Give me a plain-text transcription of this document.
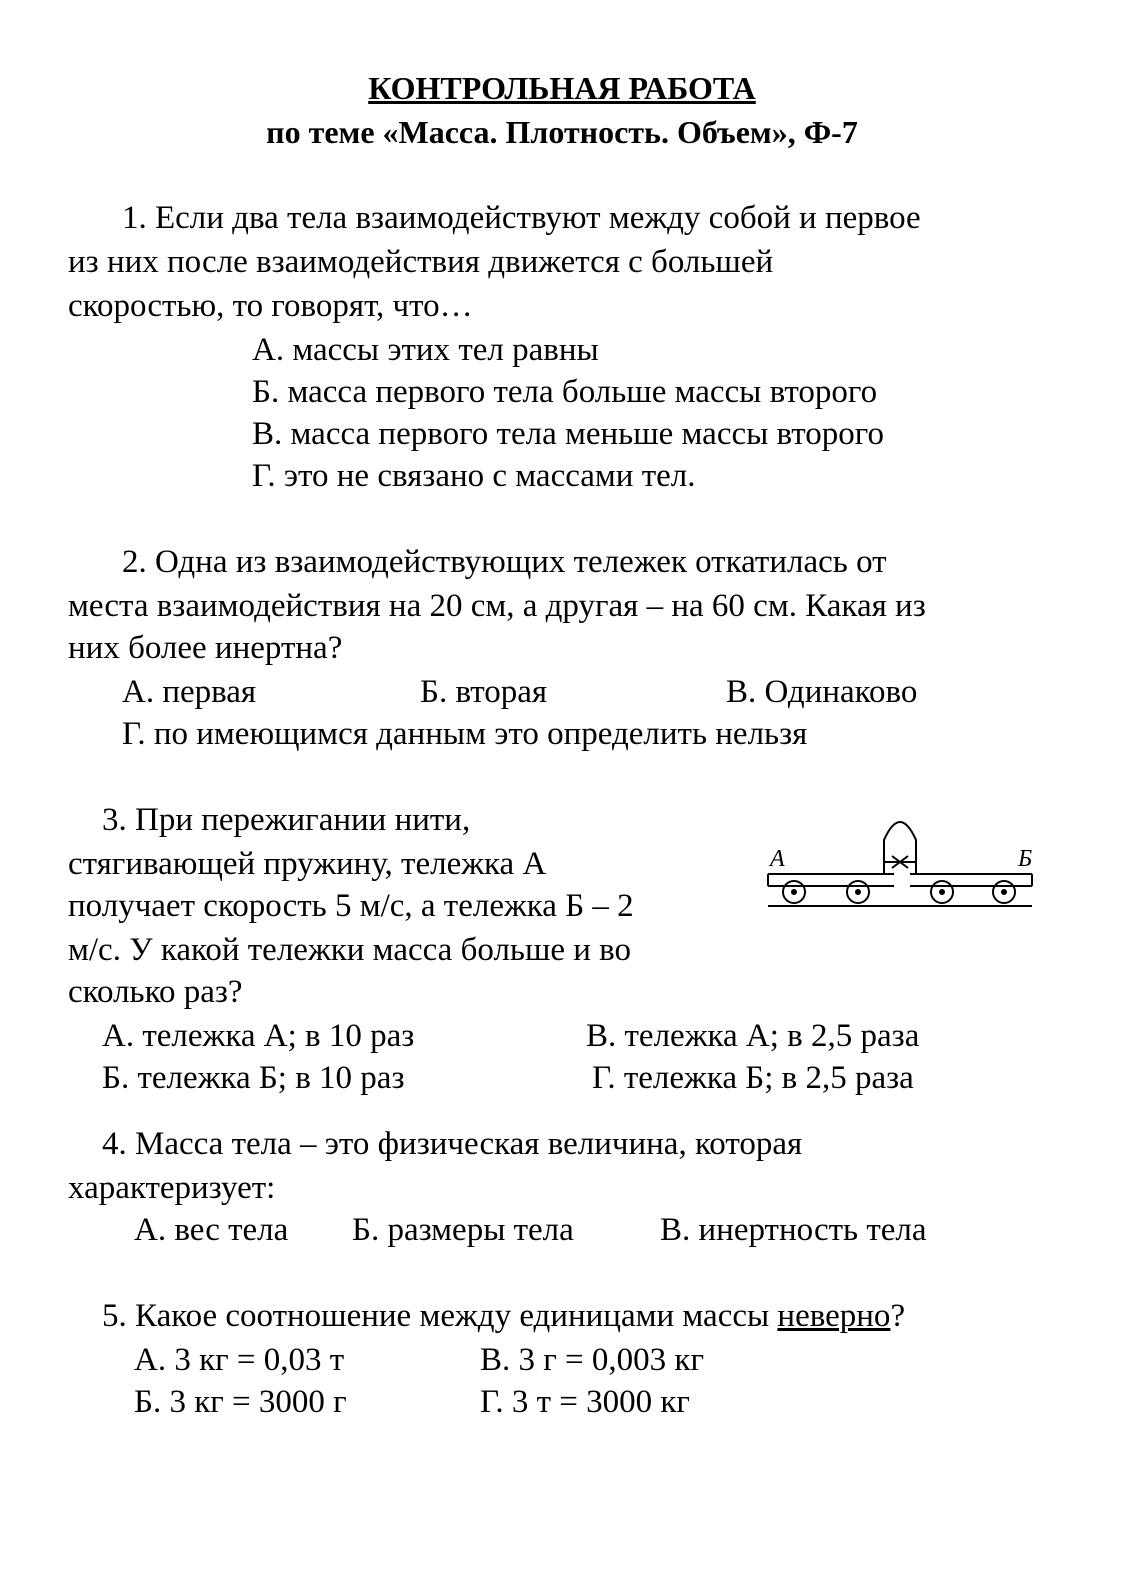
КОНТРОЛЬНАЯ РАБОТА
по теме «Масса. Плотность. Объем», Ф-7
1. Если два тела взаимодействуют между собой и первое
из них после взаимодействия движется с большей
скоростью, то говорят, что…
А. массы этих тел равны
Б. масса первого тела больше массы второго
В. масса первого тела меньше массы второго
Г. это не связано с массами тел.
2. Одна из взаимодействующих тележек откатилась от
места взаимодействия на 20 см, а другая – на 60 см. Какая из
них более инертна?
А. первая	Б. вторая	В. Одинаково
Г. по имеющимся данным это определить нельзя
3. При пережигании нити,
стягивающей пружину, тележка А
получает скорость 5 м/с, а тележка Б – 2
м/с. У какой тележки масса больше и во
сколько раз?
А. тележка А; в 10 раз	В. тележка А; в 2,5 раза
Б. тележка Б; в 10 раз	Г. тележка Б; в 2,5 раза
А	Б
4. Масса тела – это физическая величина, которая
характеризует:
А. вес тела Б. размеры тела	В. инертность тела
5. Какое соотношение между единицами массы неверно?
А. 3 кг = 0,03 т	В. 3 г = 0,003 кг
Б. 3 кг = 3000 г	Г. 3 т = 3000 кг
